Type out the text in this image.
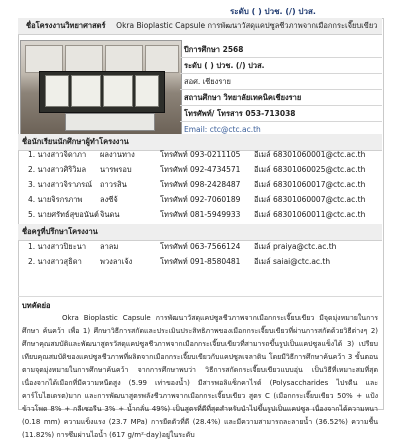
ระดับ ( ) ปวช. (/) ปวส.
ชื่อโครงงานวิทยาศาสตร์ Okra Bioplastic Capsule การพัฒนาวัสดุแคปซูลชีวภาพจากเมือกกระเจี๊ยบเขียว
ปีการศึกษา 2568
ระดับ ( ) ปวช. (/) ปวส.
สอศ. เชียงราย
สถานศึกษา วิทยาลัยเทคนิคเชียงราย
โทรศัพท์/ โทรสาร 053-713038
Email: ctc@ctc.ac.th
ชื่อนักเรียนนักศึกษาผู้ทำโครงงาน
1. นางสาวจิดาภา ผลงานทาง	โทรศัพท์ 093-0211105 อีเมล์ 68301060001@ctc.ac.th
2. นางสาวศิริวิมล นารพรอบ	โทรศัพท์ 092-4734571 อีเมล์ 68301060025@ctc.ac.th
3. นางสาวจิราภรณ์ ถาวรสิน	โทรศัพท์ 098-2428487 อีเมล์ 68301060017@ctc.ac.th
4. นายจิรกรภาพ ลงซีจ้	โทรศัพท์ 092-7060189 อีเมล์ 68301060007@ctc.ac.th
5. นายศรัทธ์สุขอนันต์ จินดน	โทรศัพท์ 081-5949933 อีเมล์ 68301060011@ctc.ac.th
ชื่อครูที่ปรึกษาโครงงาน
1. นางสาวปิยะนา ลาลม	โทรศัพท์ 063-7566124 อีเมล์ praiya@ctc.ac.th
2. นางสาวสุธิดา พวงลาเจ้ง	โทรศัพท์ 091-8580481 อีเมล์ saiai@ctc.ac.th
บทคัดย่อ

Okra Bioplastic Capsule การพัฒนาวัสดุแคปซูลชีวภาพจากเมือกกระเจี๊ยบเขียว มีจุดมุ่งหมายในการศึกษา ค้นคว้า เพื่อ 1) ศึกษาวิธีการสกัดและประเมินประสิทธิภาพของเมือกกระเจี๊ยบเขียวที่ผ่านการสกัดด้วยวิธีต่างๆ 2) ศึกษาคุณสมบัติและพัฒนาสูตรวัสดุแคปซูลชีวภาพจากเมือกกระเจี๊ยบเขียวที่สามารถขึ้นรูปเป็นแคปซูลแข็งได้ 3) เปรียบเทียบคุณสมบัติของแคปซูลชีวภาพที่ผลิตจากเมือกกระเจี๊ยบเขียวกับแคปซูลเจลาติน โดยมีวิธีการศึกษาค้นคว้า 3 ขั้นตอน ตามจุดมุ่งหมายในการศึกษาค้นคว้า จากการศึกษาพบว่า วิธีการสกัดกระเจี๊ยบเขียวแบบอุ่น เป็นวิธีที่เหมาะสมที่สุด เนื่องจากได้เมือกที่มีความหนืดสูง (5.99 เท่าของน้ำ) มีสารพอลิแซ็กคาไรด์ (Polysaccharides ไปรตีน และคาร์โบไฮเดรต)มาก และการพัฒนาสูตรพลังชีวภาพจากเมือกกระเจี๊ยบเขียว สูตร C (เมือกกระเจี๊ยบเขียว 50% + แป้งข้าวโพด 8% + กลีเซอรีน 3% + น้ำกลั่น 49%) เป็นสูตรที่ดีที่สุดสำหรับนำไปขึ้นรูปเป็นแคปซูล เนื่องจากได้ความหนา (0.18 mm) ความแข็งแรง (23.7 MPa) การยืดตัวที่ดี (28.4%) และมีความสามารถละลายน้ำ (36.52%) ความชื้น (11.82%) การซึมผ่านไอน้ำ (617 g/m²·day)อยู่ในระดับ
